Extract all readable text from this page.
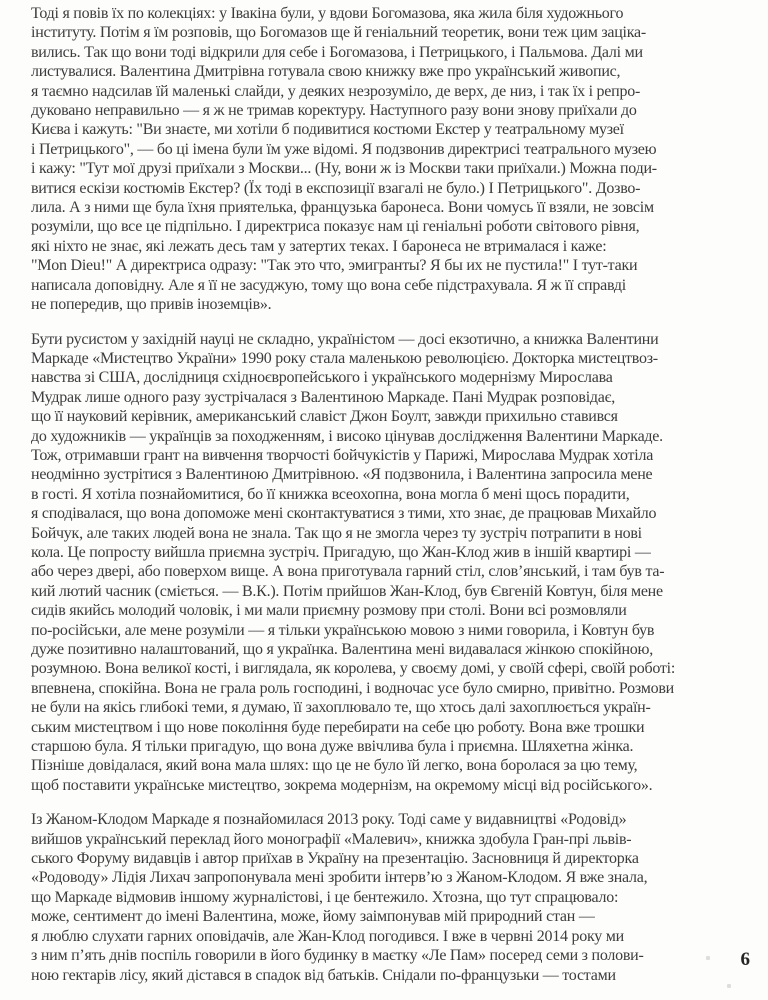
Тоді я повів їх по колекціях: у Івакіна були, у вдови Богомазова, яка жила біля художнього
інституту. Потім я їм розповів, що Богомазов ще й геніальний теоретик, вони теж цим заціка-
вились. Так що вони тоді відкрили для себе і Богомазова, і Петрицького, і Пальмова. Далі ми
листувалися. Валентина Дмитрівна готувала свою книжку вже про український живопис,
я таємно надсилав їй маленькі слайди, у деяких незрозуміло, де верх, де низ, і так їх і репро-
дуковано неправильно — я ж не тримав коректуру. Наступного разу вони знову приїхали до
Києва і кажуть: "Ви знаєте, ми хотіли б подивитися костюми Екстер у театральному музеї
і Петрицького", — бо ці імена були їм уже відомі. Я подзвонив директрисі театрального музею
і кажу: "Тут мої друзі приїхали з Москви... (Ну, вони ж із Москви таки приїхали.) Можна поди-
витися ескізи костюмів Екстер? (Їх тоді в експозиції взагалі не було.) І Петрицького". Дозво-
лила. А з ними ще була їхня приятелька, французька баронеса. Вони чомусь її взяли, не зовсім
розуміли, що все це підпільно. І директриса показує нам ці геніальні роботи світового рівня,
які ніхто не знає, які лежать десь там у затертих теках. І баронеса не втрималася і каже:
"Mon Dieu!" А директриса одразу: "Так это что, эмигранты? Я бы их не пустила!" І тут-таки
написала доповідну. Але я її не засуджую, тому що вона себе підстрахувала. Я ж її справді
не попередив, що привів іноземців».
Бути русистом у західній науці не складно, україністом — досі екзотично, а книжка Валентини
Маркаде «Мистецтво України» 1990 року стала маленькою революцією. Докторка мистецтвоз-
навства зі США, дослідниця східноєвропейського і українського модернізму Мирослава
Мудрак лише одного разу зустрічалася з Валентиною Маркаде. Пані Мудрак розповідає,
що її науковий керівник, американський славіст Джон Боулт, завжди прихильно ставився
до художників — українців за походженням, і високо цінував дослідження Валентини Маркаде.
Тож, отримавши грант на вивчення творчості бойчукістів у Парижі, Мирослава Мудрак хотіла
неодмінно зустрітися з Валентиною Дмитрівною. «Я подзвонила, і Валентина запросила мене
в гості. Я хотіла познайомитися, бо її книжка всеохопна, вона могла б мені щось порадити,
я сподівалася, що вона допоможе мені сконтактуватися з тими, хто знає, де працював Михайло
Бойчук, але таких людей вона не знала. Так що я не змогла через ту зустріч потрапити в нові
кола. Це попросту вийшла приємна зустріч. Пригадую, що Жан-Клод жив в іншій квартирі —
або через двері, або поверхом вище. А вона приготувала гарний стіл, слов’янський, і там був та-
кий лютий часник (сміється. — В.К.). Потім прийшов Жан-Клод, був Євгеній Ковтун, біля мене
сидів якийсь молодий чоловік, і ми мали приємну розмову при столі. Вони всі розмовляли
по-російськи, але мене розуміли — я тільки українською мовою з ними говорила, і Ковтун був
дуже позитивно налаштований, що я українка. Валентина мені видавалася жінкою спокійною,
розумною. Вона великої кості, і виглядала, як королева, у своєму домі, у своїй сфері, своїй роботі:
впевнена, спокійна. Вона не грала роль господині, і водночас усе було смирно, привітно. Розмови
не були на якісь глибокі теми, я думаю, її захоплювало те, що хтось далі захоплюється україн-
ським мистецтвом і що нове покоління буде перебирати на себе цю роботу. Вона вже трошки
старшою була. Я тільки пригадую, що вона дуже ввічлива була і приємна. Шляхетна жінка.
Пізніше довідалася, який вона мала шлях: що це не було їй легко, вона боролася за цю тему,
щоб поставити українське мистецтво, зокрема модернізм, на окремому місці від російського».
Із Жаном-Клодом Маркаде я познайомилася 2013 року. Тоді саме у видавництві «Родовід»
вийшов український переклад його монографії «Малевич», книжка здобула Гран-прі львів-
ського Форуму видавців і автор приїхав в Україну на презентацію. Засновниця й директорка
«Родоводу» Лідія Лихач запропонувала мені зробити інтерв’ю з Жаном-Клодом. Я вже знала,
що Маркаде відмовив іншому журналістові, і це бентежило. Хтозна, що тут спрацювало:
може, сентимент до імені Валентина, може, йому заімпонував мій природний стан —
я люблю слухати гарних оповідачів, але Жан-Клод погодився. І вже в червні 2014 року ми
з ним п’ять днів поспіль говорили в його будинку в маєтку «Ле Пам» посеред семи з полови-
ною гектарів лісу, який дістався в спадок від батьків. Снідали по-французьки — тостами
6
